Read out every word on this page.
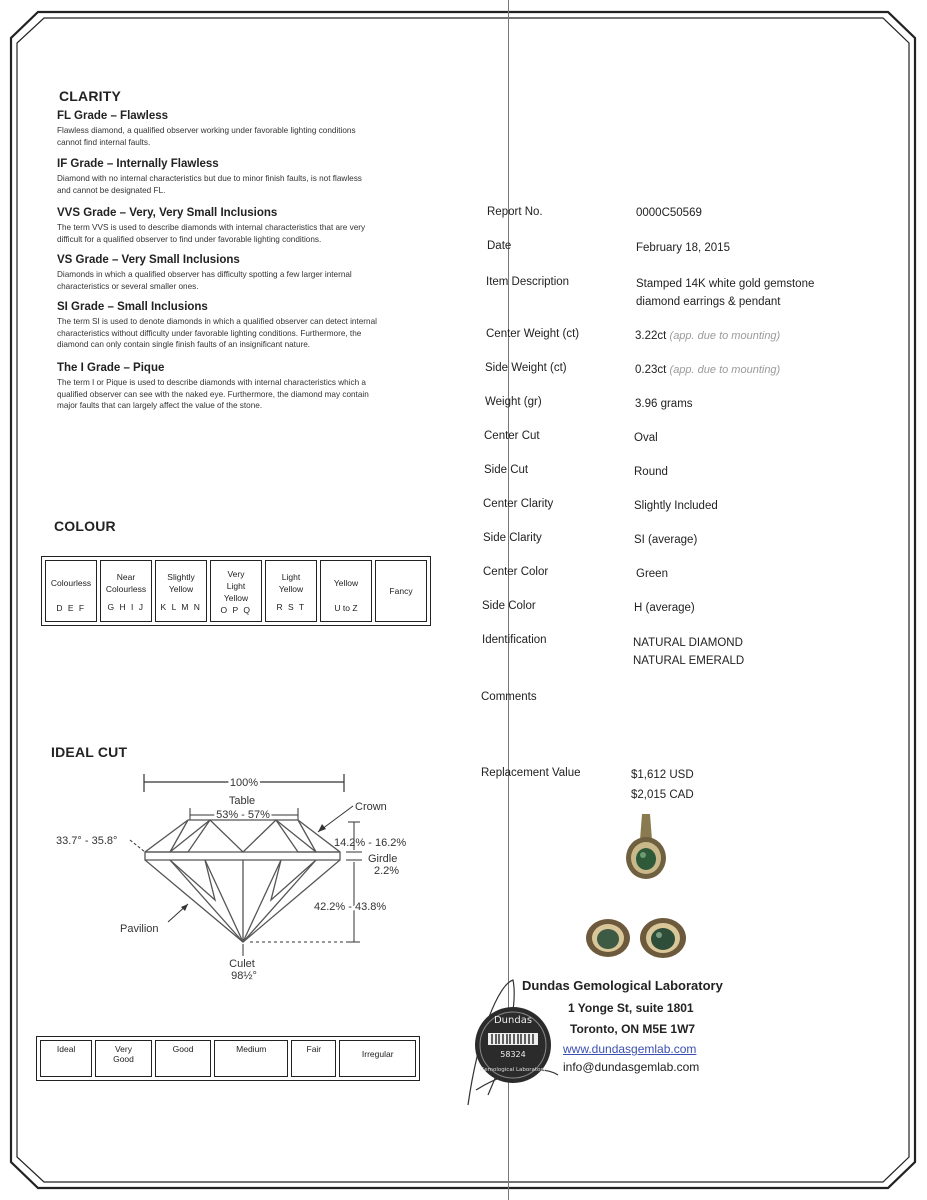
CLARITY
FL Grade – Flawless
Flawless diamond, a qualified observer working under favorable lighting conditions
cannot find internal faults.
IF Grade – Internally Flawless
Diamond with no internal characteristics but due to minor finish faults, is not flawless
and cannot be designated FL.
VVS Grade – Very, Very Small Inclusions
The term VVS is used to describe diamonds with internal characteristics that are very
difficult for a qualified observer to find under favorable lighting conditions.
VS Grade – Very Small Inclusions
Diamonds in which a qualified observer has difficulty spotting a few larger internal
characteristics or several smaller ones.
SI Grade – Small Inclusions
The term SI is used to denote diamonds in which a qualified observer can detect internal
characteristics without difficulty under favorable lighting conditions. Furthermore, the
diamond can only contain single finish faults of an insignificant nature.
The I Grade – Pique
The term I or Pique is used to describe diamonds with internal characteristics which a
qualified observer can see with the naked eye. Furthermore, the diamond may contain
major faults that can largely affect the value of the stone.
COLOUR
Colourless
D E F

Near
Colourless
G H I J

Slightly
Yellow
K L M N

Very
Light
Yellow
O P Q

Light
Yellow
R S T

Yellow
U to Z

Fancy
IDEAL CUT
100%
Table
53% - 57%
Crown
33.7° - 35.8°	14.2% - 16.2%
Girdle
2.2%
42.2% - 43.8%
Pavilion
Culet
98½°
Ideal	Very
Good

Good	Medium	Fair	Irregular
Report No.	0000C50569
Date	February 18, 2015
Item Description	Stamped 14K white gold gemstone
diamond earrings & pendant
Center Weight (ct)	3.22ct (app. due to mounting)
Side Weight (ct)	0.23ct (app. due to mounting)
Weight (gr)	3.96 grams
Center Cut	Oval
Side Cut	Round
Center Clarity	Slightly Included
Side Clarity	SI (average)
Center Color	Green
Side Color	H (average)
Identification	NATURAL DIAMOND
NATURAL EMERALD
Comments
Replacement Value	$1,612 USD
$2,015 CAD
Dundas Gemological Laboratory
1 Yonge St, suite 1801
Toronto, ON M5E 1W7
www.dundasgemlab.com
info@dundasgemlab.com
Dundas
58324
Gemological Laboratory
